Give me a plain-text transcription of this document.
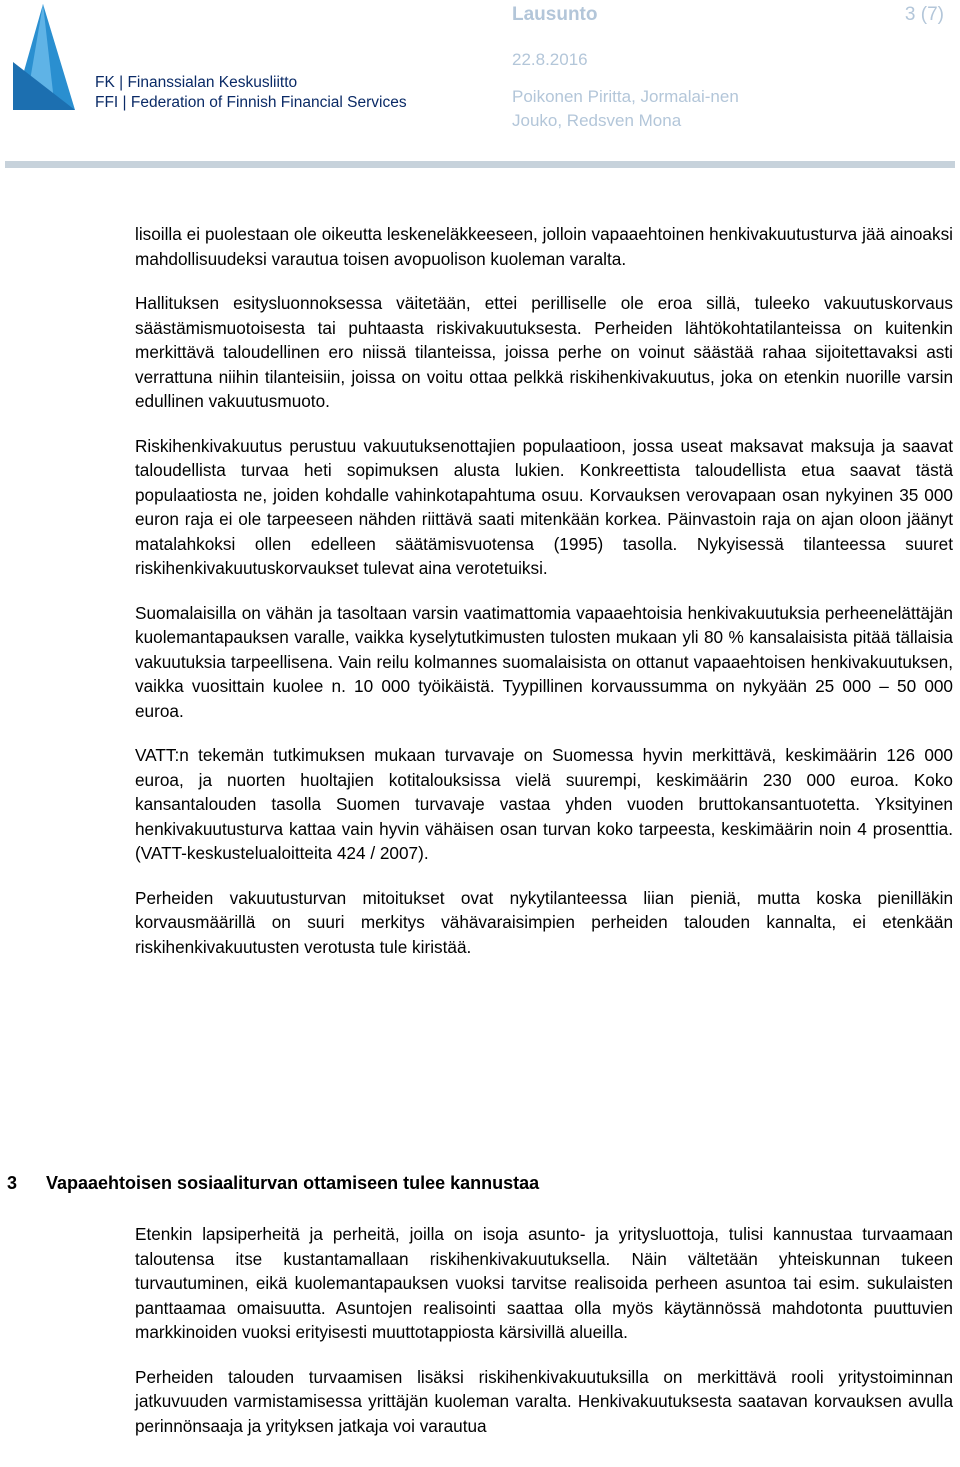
FK | Finanssialan Keskusliitto
FFI | Federation of Finnish Financial Services
Lausunto	3 (7)
22.8.2016
Poikonen Piritta, Jormalai-nen Jouko, Redsven Mona

lisoilla ei puolestaan ole oikeutta leskeneläkkeeseen, jolloin vapaaehtoinen henkivakuutusturva jää ainoaksi mahdollisuudeksi varautua toisen avopuolison kuoleman varalta.

Hallituksen esitysluonnoksessa väitetään, ettei perilliselle ole eroa sillä, tuleeko vakuutuskorvaus säästämismuotoisesta tai puhtaasta riskivakuutuksesta. Perheiden lähtökohtatilanteissa on kuitenkin merkittävä taloudellinen ero niissä tilanteissa, joissa perhe on voinut säästää rahaa sijoitettavaksi asti verrattuna niihin tilanteisiin, joissa on voitu ottaa pelkkä riskihenkivakuutus, joka on etenkin nuorille varsin edullinen vakuutusmuoto.

Riskihenkivakuutus perustuu vakuutuksenottajien populaatioon, jossa useat maksavat maksuja ja saavat taloudellista turvaa heti sopimuksen alusta lukien. Konkreettista taloudellista etua saavat tästä populaatiosta ne, joiden kohdalle vahinkotapahtuma osuu. Korvauksen verovapaan osan nykyinen 35 000 euron raja ei ole tarpeeseen nähden riittävä saati mitenkään korkea. Päinvastoin raja on ajan oloon jäänyt matalahkoksi ollen edelleen säätämisvuotensa (1995) tasolla. Nykyisessä tilanteessa suuret riskihenkivakuutuskorvaukset tulevat aina verotetuiksi.

Suomalaisilla on vähän ja tasoltaan varsin vaatimattomia vapaaehtoisia henkivakuutuksia perheenelättäjän kuolemantapauksen varalle, vaikka kyselytutkimusten tulosten mukaan yli 80 % kansalaisista pitää tällaisia vakuutuksia tarpeellisena. Vain reilu kolmannes suomalaisista on ottanut vapaaehtoisen henkivakuutuksen, vaikka vuosittain kuolee n. 10 000 työikäistä. Tyypillinen korvaussumma on nykyään 25 000 – 50 000 euroa.

VATT:n tekemän tutkimuksen mukaan turvavaje on Suomessa hyvin merkittävä, keskimäärin 126 000 euroa, ja nuorten huoltajien kotitalouksissa vielä suurempi, keskimäärin 230 000 euroa. Koko kansantalouden tasolla Suomen turvavaje vastaa yhden vuoden bruttokansantuotetta. Yksityinen henkivakuutusturva kattaa vain hyvin vähäisen osan turvan koko tarpeesta, keskimäärin noin 4 prosenttia. (VATT-keskustelualoitteita 424 / 2007).

Perheiden vakuutusturvan mitoitukset ovat nykytilanteessa liian pieniä, mutta koska pienilläkin korvausmäärillä on suuri merkitys vähävaraisimpien perheiden talouden kannalta, ei etenkään riskihenkivakuutusten verotusta tule kiristää.

3 Vapaaehtoisen sosiaaliturvan ottamiseen tulee kannustaa

Etenkin lapsiperheitä ja perheitä, joilla on isoja asunto- ja yritysluottoja, tulisi kannustaa turvaamaan taloutensa itse kustantamallaan riskihenkivakuutuksella. Näin vältetään yhteiskunnan tukeen turvautuminen, eikä kuolemantapauksen vuoksi tarvitse realisoida perheen asuntoa tai esim. sukulaisten panttaamaa omaisuutta. Asuntojen realisointi saattaa olla myös käytännössä mahdotonta puuttuvien markkinoiden vuoksi erityisesti muuttotappiosta kärsivillä alueilla.

Perheiden talouden turvaamisen lisäksi riskihenkivakuutuksilla on merkittävä rooli yritystoiminnan jatkuvuuden varmistamisessa yrittäjän kuoleman varalta. Henkivakuutuksesta saatavan korvauksen avulla perinnönsaaja ja yrityksen jatkaja voi varautua
